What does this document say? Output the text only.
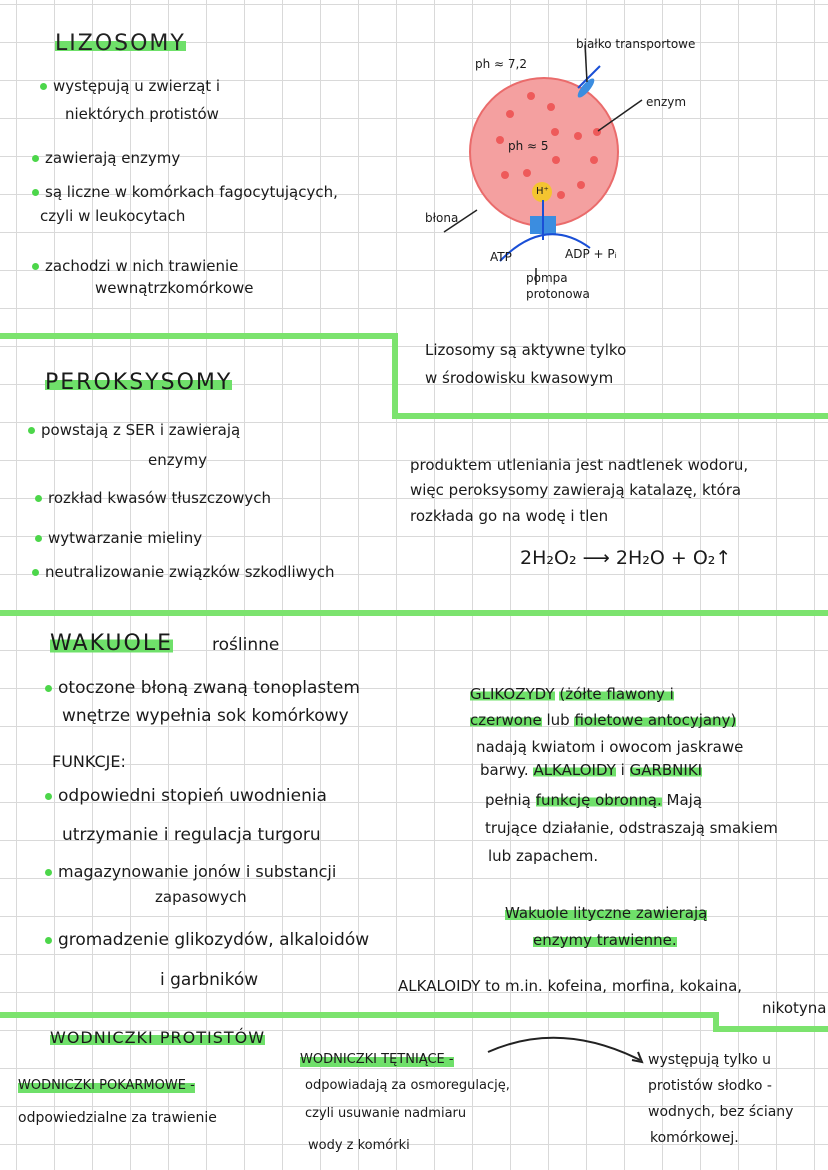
LIZOSOMY
występują u zwierząt i
niektórych protistów
zawierają enzymy
są liczne w komórkach fagocytujących,
czyli w leukocytach
zachodzi w nich trawienie
wewnątrzkomórkowe
ph ≈ 7,2
ph ≈ 5
białko transportowe
enzym
błona
H⁺
ATP	ADP + Pᵢ
pompa
protonowa
Lizosomy są aktywne tylko
w środowisku kwasowym
PEROKSYSOMY
powstają z SER i zawierają
enzymy
rozkład kwasów tłuszczowych
wytwarzanie mieliny
neutralizowanie związków szkodliwych
produktem utleniania jest nadtlenek wodoru,
więc peroksysomy zawierają katalazę, która
rozkłada go na wodę i tlen
2H₂O₂ ⟶ 2H₂O + O₂↑
WAKUOLE roślinne
otoczone błoną zwaną tonoplastem
wnętrze wypełnia sok komórkowy
FUNKCJE:
odpowiedni stopień uwodnienia
utrzymanie i regulacja turgoru
magazynowanie jonów i substancji
zapasowych
gromadzenie glikozydów, alkaloidów
i garbników
GLIKOZYDY (żółte flawony i
czerwone lub fioletowe antocyjany)
nadają kwiatom i owocom jaskrawe
barwy. ALKALOIDY i GARBNIKI
pełnią funkcję obronną. Mają
trujące działanie, odstraszają smakiem
lub zapachem.
Wakuole lityczne zawierają
enzymy trawienne.
ALKALOIDY to m.in. kofeina, morfina, kokaina,
nikotyna
WODNICZKI PROTISTÓW
WODNICZKI POKARMOWE -
odpowiedzialne za trawienie
WODNICZKI TĘTNIĄCE -
odpowiadają za osmoregulację,
czyli usuwanie nadmiaru
wody z komórki
występują tylko u
protistów słodko -
wodnych, bez ściany
komórkowej.
